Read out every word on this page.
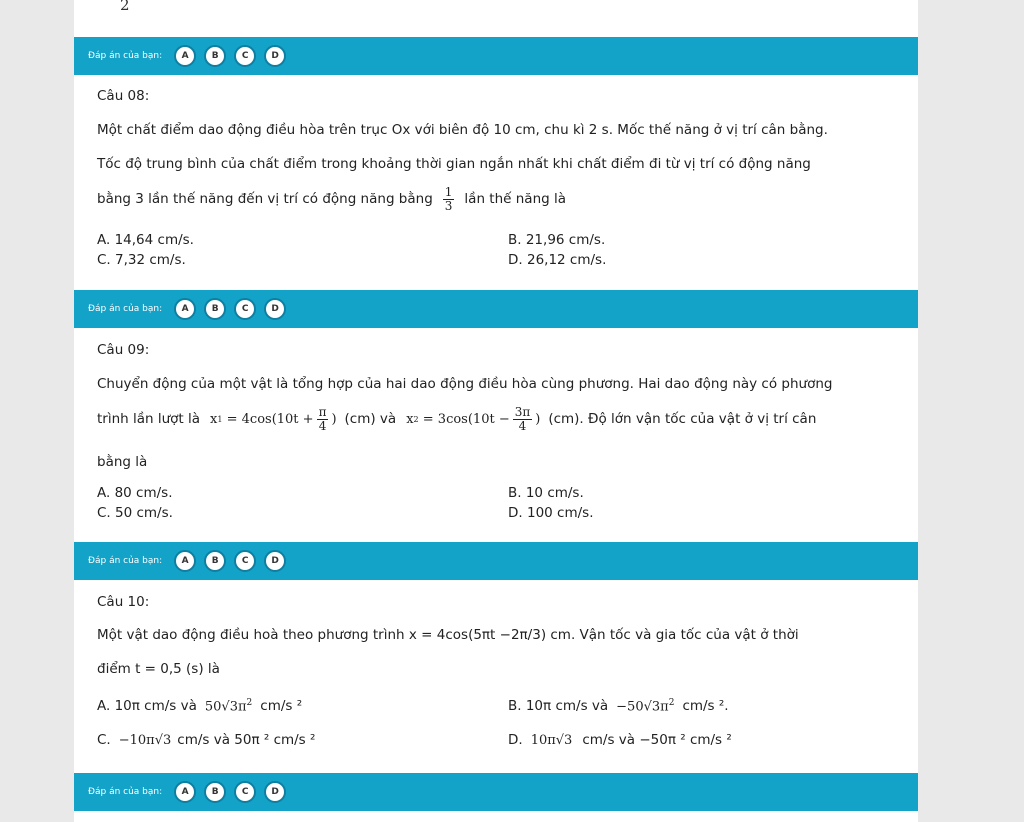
2
Đáp án của bạn:	A	B	C	D
Câu 08:
Một chất điểm dao động điều hòa trên trục Ox với biên độ 10 cm, chu kì 2 s. Mốc thế năng ở vị trí cân bằng.
Tốc độ trung bình của chất điểm trong khoảng thời gian ngắn nhất khi chất điểm đi từ vị trí có động năng
bằng 3 lần thế năng đến vị trí có động năng bằng $\frac{1}{3}$ lần thế năng là
A. 14,64 cm/s.	B. 21,96 cm/s.
C. 7,32 cm/s.	D. 26,12 cm/s.
Đáp án của bạn:	A	B	C	D
Câu 09:
Chuyển động của một vật là tổng hợp của hai dao động điều hòa cùng phương. Hai dao động này có phương
trình lần lượt là x $1 = 4\cos(10t + \frac{\pi}{4}$ ) (cm) và x $2 = 3\cos(10t - \frac{3\pi}{4}$ ) (cm). Độ lớn vận tốc của vật ở vị trí cân
bằng là
A. 80 cm/s.	B. 10 cm/s.
C. 50 cm/s.	D. 100 cm/s.
Đáp án của bạn:	A	B	C	D
Câu 10:
Một vật dao động điều hoà theo phương trình x = 4cos(5πt −2π/3) cm. Vận tốc và gia tốc của vật ở thời
điểm t = 0,5 (s) là
A. 10π cm/s và $50√3\pi^2$ cm/s ²	B. 10π cm/s và $-50√3\pi^2$ cm/s ².
C. −10π√3 cm/s và 50π ² cm/s ²	D. 10π√3 cm/s và −50π ² cm/s ²
Đáp án của bạn:	A	B	C	D
